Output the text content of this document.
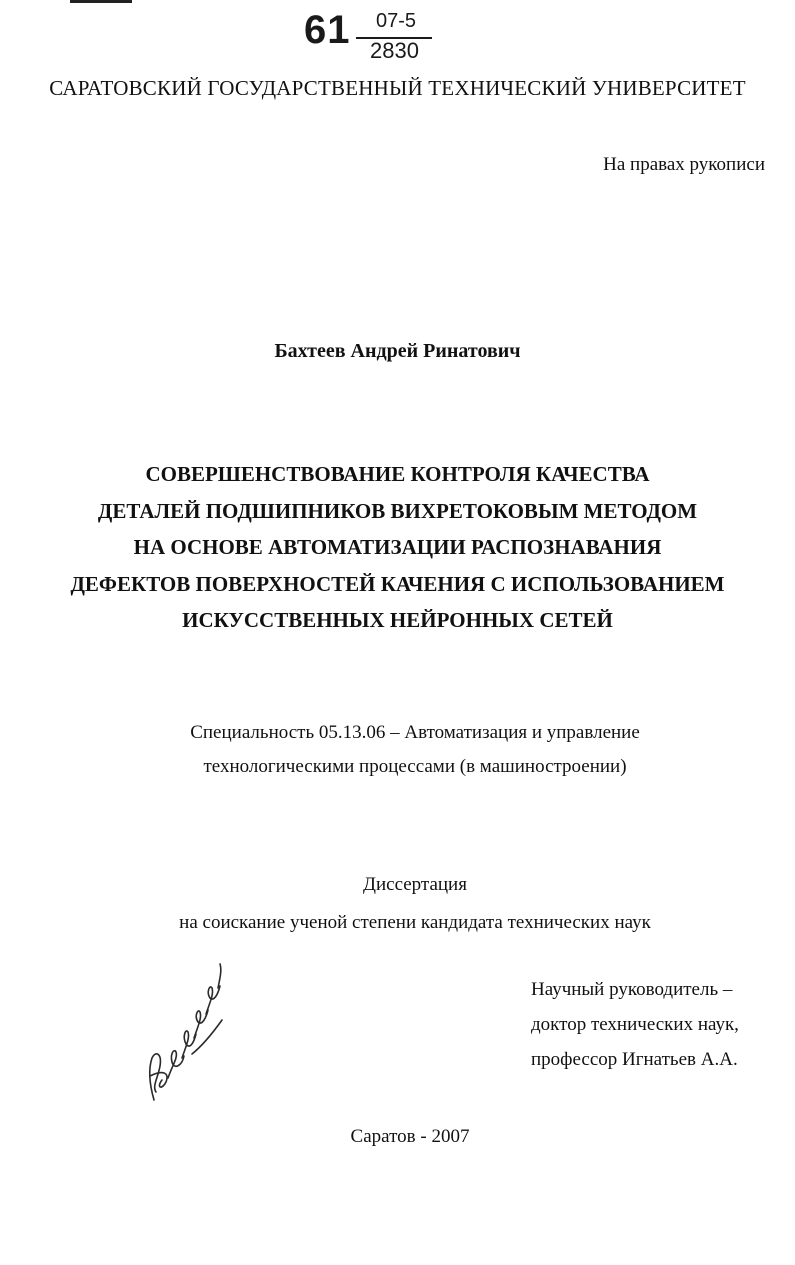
61 07-5
2830
САРАТОВСКИЙ ГОСУДАРСТВЕННЫЙ ТЕХНИЧЕСКИЙ УНИВЕРСИТЕТ
На правах рукописи
Бахтеев Андрей Ринатович
СОВЕРШЕНСТВОВАНИЕ КОНТРОЛЯ КАЧЕСТВА
ДЕТАЛЕЙ ПОДШИПНИКОВ ВИХРЕТОКОВЫМ МЕТОДОМ
НА ОСНОВЕ АВТОМАТИЗАЦИИ РАСПОЗНАВАНИЯ
ДЕФЕКТОВ ПОВЕРХНОСТЕЙ КАЧЕНИЯ С ИСПОЛЬЗОВАНИЕМ
ИСКУССТВЕННЫХ НЕЙРОННЫХ СЕТЕЙ
Специальность 05.13.06 – Автоматизация и управление
технологическими процессами (в машиностроении)
Диссертация
на соискание ученой степени кандидата технических наук
Научный руководитель –
доктор технических наук,
профессор Игнатьев А.А.
Саратов - 2007
